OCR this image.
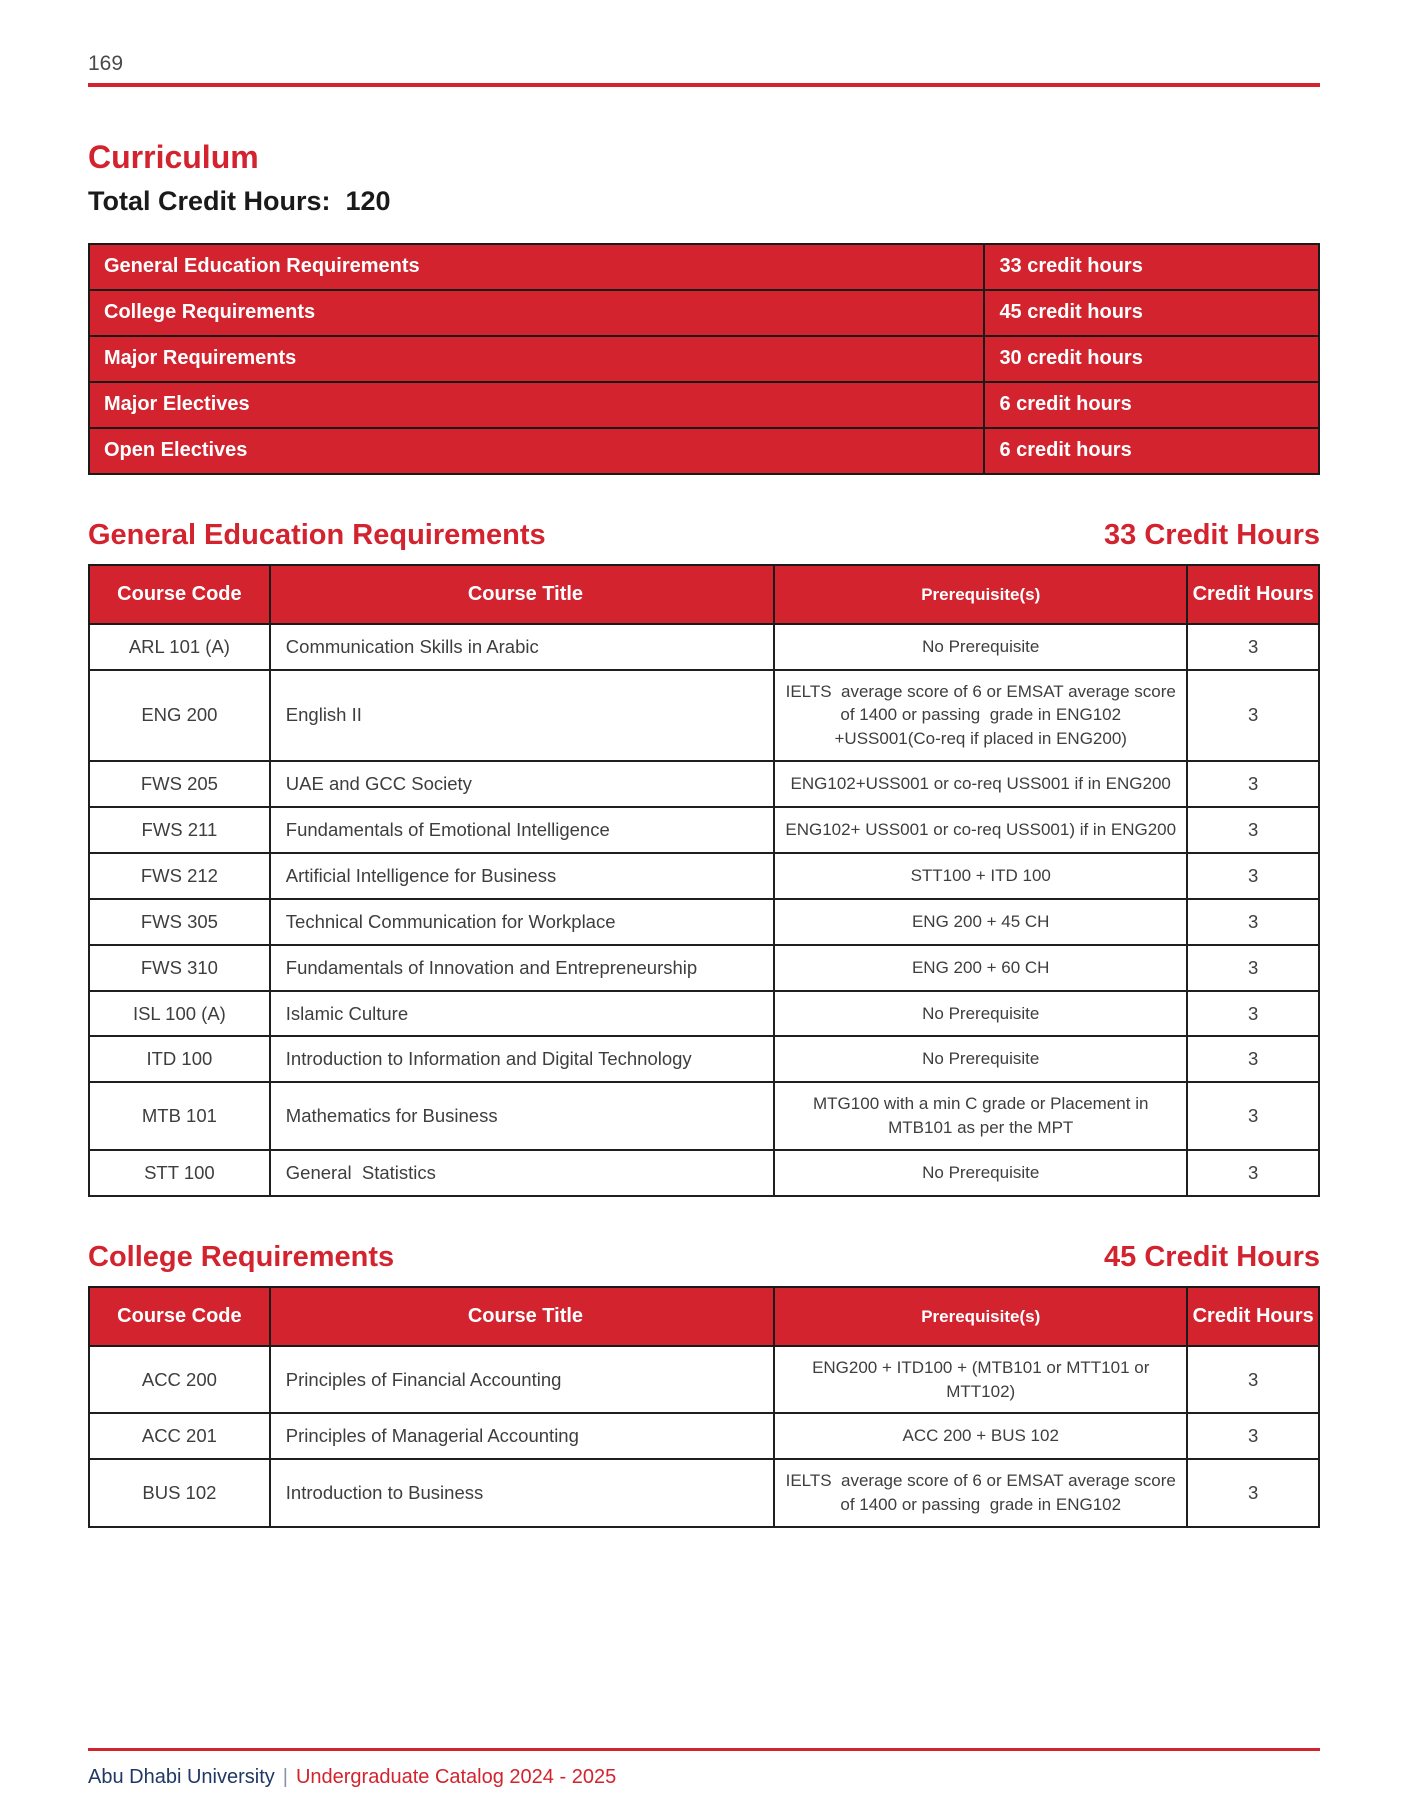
169
Curriculum
Total Credit Hours:  120
General Education Requirements	33 credit hours
College Requirements	45 credit hours
Major Requirements	30 credit hours
Major Electives	6 credit hours
Open Electives	6 credit hours
General Education Requirements	33 Credit Hours
Course Code	Course Title	Prerequisite(s)	Credit Hours
ARL 101 (A)	Communication Skills in Arabic	No Prerequisite	3
ENG 200	English II	IELTS  average score of 6 or EMSAT average score of 1400 or passing  grade in ENG102 +USS001(Co-req if placed in ENG200)	3
FWS 205	UAE and GCC Society	ENG102+USS001 or co-req USS001 if in ENG200	3
FWS 211	Fundamentals of Emotional Intelligence	ENG102+ USS001 or co-req USS001) if in ENG200	3
FWS 212	Artificial Intelligence for Business	STT100 + ITD 100	3
FWS 305	Technical Communication for Workplace	ENG 200 + 45 CH	3
FWS 310	Fundamentals of Innovation and Entrepreneurship	ENG 200 + 60 CH	3
ISL 100 (A)	Islamic Culture	No Prerequisite	3
ITD 100	Introduction to Information and Digital Technology	No Prerequisite	3
MTB 101	Mathematics for Business	MTG100 with a min C grade or Placement in MTB101 as per the MPT	3
STT 100	General  Statistics	No Prerequisite	3
College Requirements	45 Credit Hours
Course Code	Course Title	Prerequisite(s)	Credit Hours
ACC 200	Principles of Financial Accounting	ENG200 + ITD100 + (MTB101 or MTT101 or MTT102)	3
ACC 201	Principles of Managerial Accounting	ACC 200 + BUS 102	3
BUS 102	Introduction to Business	IELTS  average score of 6 or EMSAT average score of 1400 or passing  grade in ENG102	3
Abu Dhabi University | Undergraduate Catalog 2024 - 2025
